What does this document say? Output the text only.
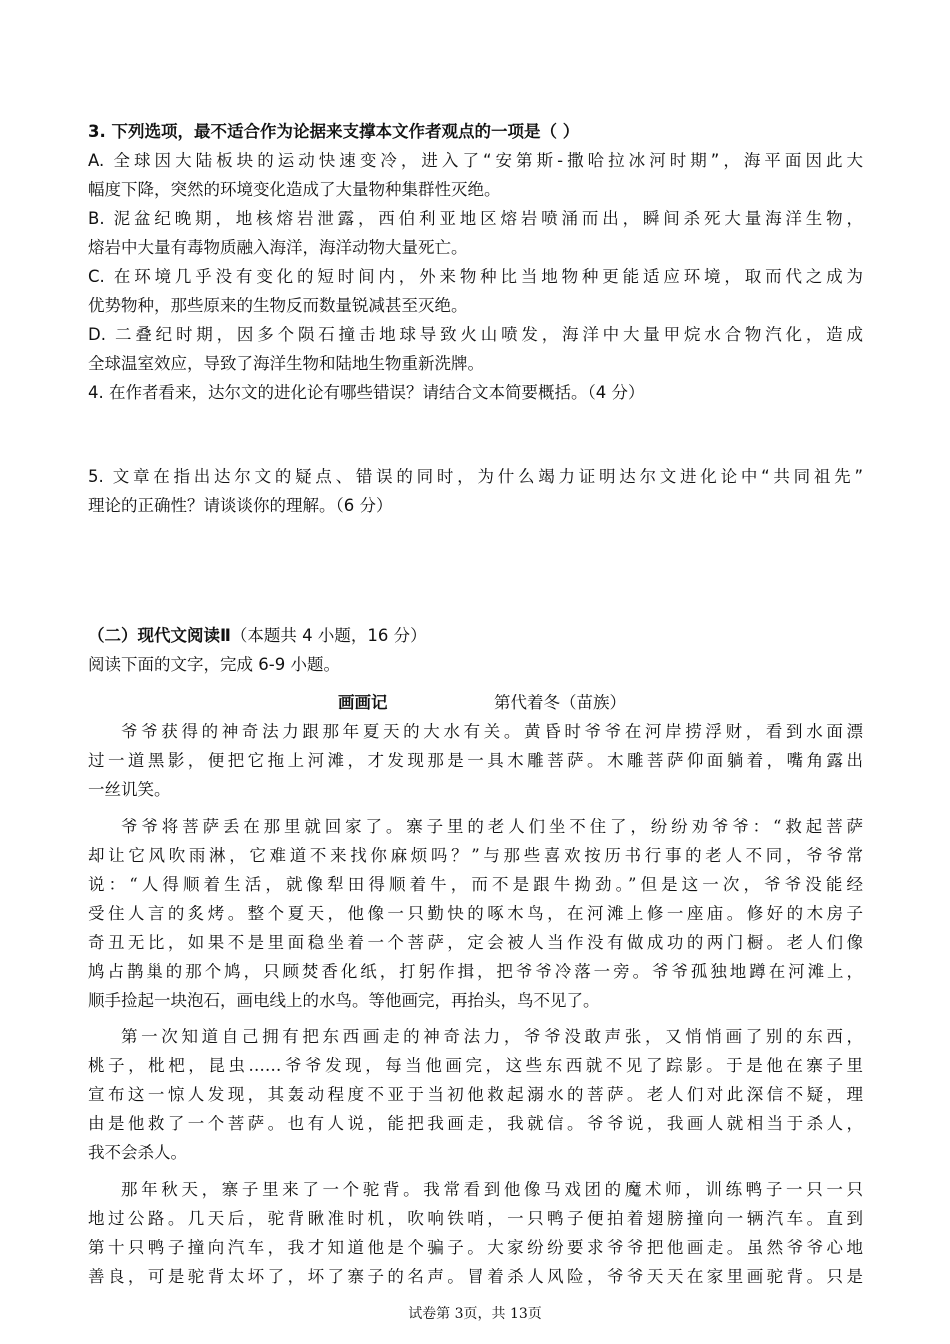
3. 下列选项，最不适合作为论据来支撑本文作者观点的一项是（ ）
A. 全球因大陆板块的运动快速变冷，进入了“安第斯-撒哈拉冰河时期”，海平面因此大
幅度下降，突然的环境变化造成了大量物种集群性灭绝。
B. 泥盆纪晚期，地核熔岩泄露，西伯利亚地区熔岩喷涌而出，瞬间杀死大量海洋生物，
熔岩中大量有毒物质融入海洋，海洋动物大量死亡。
C. 在环境几乎没有变化的短时间内，外来物种比当地物种更能适应环境，取而代之成为
优势物种，那些原来的生物反而数量锐减甚至灭绝。
D. 二叠纪时期，因多个陨石撞击地球导致火山喷发，海洋中大量甲烷水合物汽化，造成
全球温室效应，导致了海洋生物和陆地生物重新洗牌。
4. 在作者看来，达尔文的进化论有哪些错误？请结合文本简要概括。（4 分）
5. 文章在指出达尔文的疑点、错误的同时，为什么竭力证明达尔文进化论中“共同祖先”
理论的正确性？请谈谈你的理解。（6 分）
（二）现代文阅读Ⅱ（本题共 4 小题，16 分）
阅读下面的文字，完成 6-9 小题。
画画记	第代着冬（苗族）
爷爷获得的神奇法力跟那年夏天的大水有关。黄昏时爷爷在河岸捞浮财，看到水面漂
过一道黑影，便把它拖上河滩，才发现那是一具木雕菩萨。木雕菩萨仰面躺着，嘴角露出
一丝讥笑。
爷爷将菩萨丢在那里就回家了。寨子里的老人们坐不住了，纷纷劝爷爷：“救起菩萨
却让它风吹雨淋，它难道不来找你麻烦吗？”与那些喜欢按历书行事的老人不同，爷爷常
说：“人得顺着生活，就像犁田得顺着牛，而不是跟牛拗劲。”但是这一次，爷爷没能经
受住人言的炙烤。整个夏天，他像一只勤快的啄木鸟，在河滩上修一座庙。修好的木房子
奇丑无比，如果不是里面稳坐着一个菩萨，定会被人当作没有做成功的两门橱。老人们像
鸠占鹊巢的那个鸠，只顾焚香化纸，打躬作揖，把爷爷冷落一旁。爷爷孤独地蹲在河滩上，
顺手捡起一块泡石，画电线上的水鸟。等他画完，再抬头，鸟不见了。
第一次知道自己拥有把东西画走的神奇法力，爷爷没敢声张，又悄悄画了别的东西，
桃子，枇杷，昆虫……爷爷发现，每当他画完，这些东西就不见了踪影。于是他在寨子里
宣布这一惊人发现，其轰动程度不亚于当初他救起溺水的菩萨。老人们对此深信不疑，理
由是他救了一个菩萨。也有人说，能把我画走，我就信。爷爷说，我画人就相当于杀人，
我不会杀人。
那年秋天，寨子里来了一个驼背。我常看到他像马戏团的魔术师，训练鸭子一只一只
地过公路。几天后，驼背瞅准时机，吹响铁哨，一只鸭子便拍着翅膀撞向一辆汽车。直到
第十只鸭子撞向汽车，我才知道他是个骗子。大家纷纷要求爷爷把他画走。虽然爷爷心地
善良，可是驼背太坏了，坏了寨子的名声。冒着杀人风险，爷爷天天在家里画驼背。只是
试卷第 3页，共 13页
